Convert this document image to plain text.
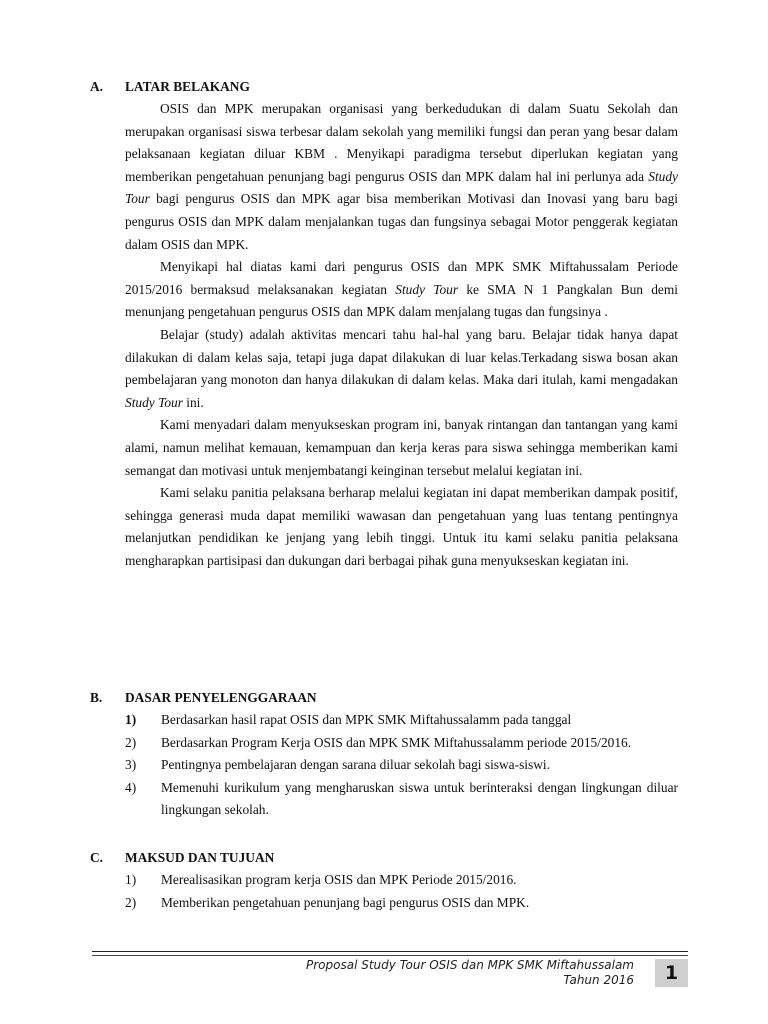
A. LATAR BELAKANG

OSIS dan MPK merupakan organisasi yang berkedudukan di dalam Suatu Sekolah dan merupakan organisasi siswa terbesar dalam sekolah yang memiliki fungsi dan peran yang besar dalam pelaksanaan kegiatan diluar KBM . Menyikapi paradigma tersebut diperlukan kegiatan yang memberikan pengetahuan penunjang bagi pengurus OSIS dan MPK dalam hal ini perlunya ada Study Tour bagi pengurus OSIS dan MPK agar bisa memberikan Motivasi dan Inovasi yang baru bagi pengurus OSIS dan MPK dalam menjalankan tugas dan fungsinya sebagai Motor penggerak kegiatan dalam OSIS dan MPK.

Menyikapi hal diatas kami dari pengurus OSIS dan MPK SMK Miftahussalam Periode 2015/2016 bermaksud melaksanakan kegiatan Study Tour ke SMA N 1 Pangkalan Bun demi menunjang pengetahuan pengurus OSIS dan MPK dalam menjalang tugas dan fungsinya .

Belajar (study) adalah aktivitas mencari tahu hal-hal yang baru. Belajar tidak hanya dapat dilakukan di dalam kelas saja, tetapi juga dapat dilakukan di luar kelas.Terkadang siswa bosan akan pembelajaran yang monoton dan hanya dilakukan di dalam kelas. Maka dari itulah, kami mengadakan Study Tour ini.

Kami menyadari dalam menyukseskan program ini, banyak rintangan dan tantangan yang kami alami, namun melihat kemauan, kemampuan dan kerja keras para siswa sehingga memberikan kami semangat dan motivasi untuk menjembatangi keinginan tersebut melalui kegiatan ini.

Kami selaku panitia pelaksana berharap melalui kegiatan ini dapat memberikan dampak positif, sehingga generasi muda dapat memiliki wawasan dan pengetahuan yang luas tentang pentingnya melanjutkan pendidikan ke jenjang yang lebih tinggi. Untuk itu kami selaku panitia pelaksana mengharapkan partisipasi dan dukungan dari berbagai pihak guna menyukseskan kegiatan ini.

B. DASAR PENYELENGGARAAN
1) Berdasarkan hasil rapat OSIS dan MPK SMK Miftahussalamm pada tanggal
2) Berdasarkan Program Kerja OSIS dan MPK SMK Miftahussalamm periode 2015/2016.
3) Pentingnya pembelajaran dengan sarana diluar sekolah bagi siswa-siswi.
4) Memenuhi kurikulum yang mengharuskan siswa untuk berinteraksi dengan lingkungan diluar lingkungan sekolah.
C. MAKSUD DAN TUJUAN
1) Merealisasikan program kerja OSIS dan MPK Periode 2015/2016.
2) Memberikan pengetahuan penunjang bagi pengurus OSIS dan MPK.
Proposal Study Tour OSIS dan MPK SMK Miftahussalam
Tahun 2016	1
